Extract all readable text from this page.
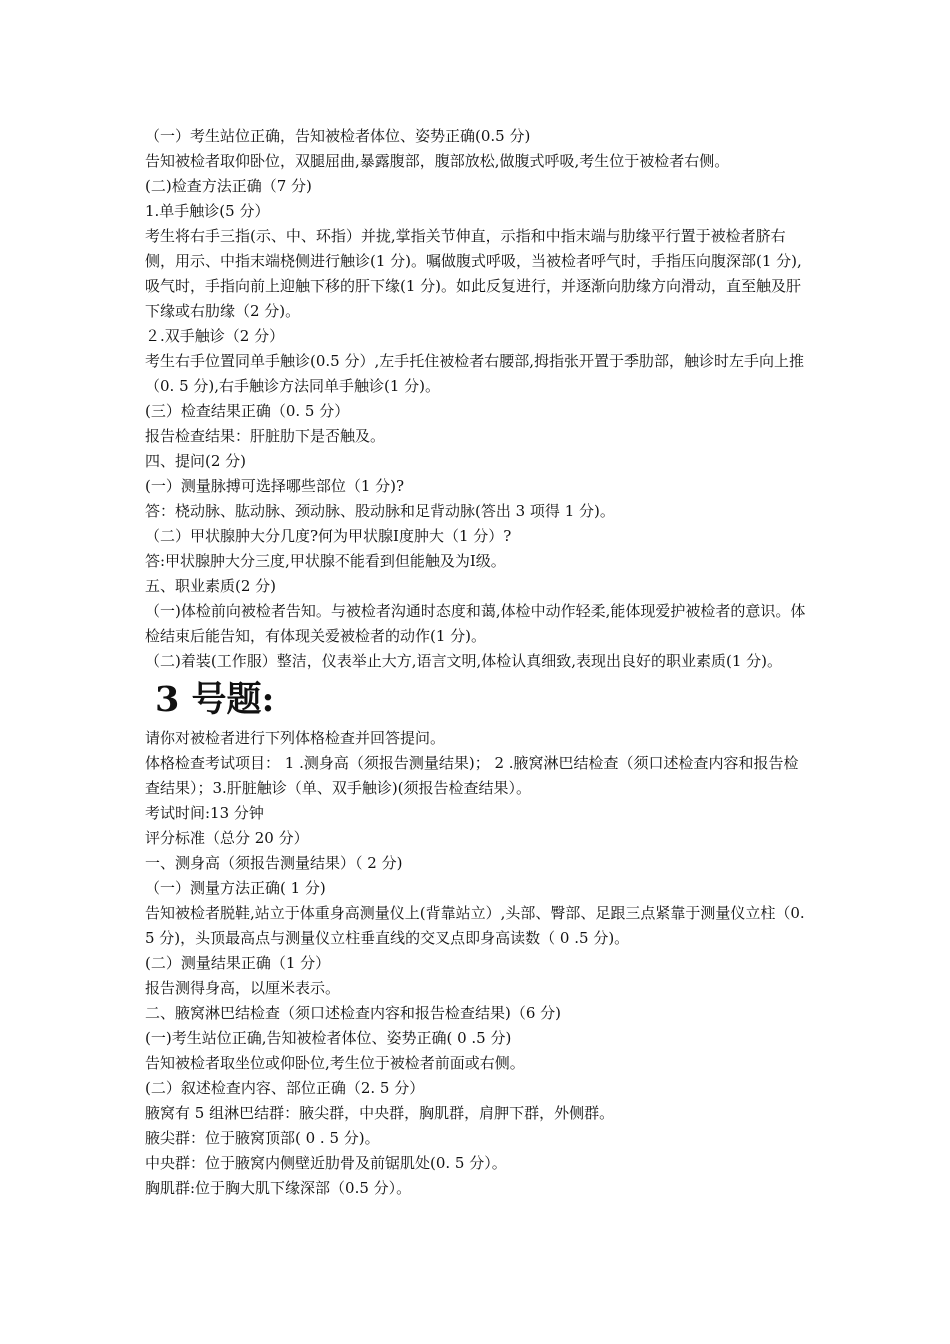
（一）考生站位正确，告知被检者体位、姿势正确(0.5 分)

告知被检者取仰卧位，双腿屈曲,暴露腹部，腹部放松,做腹式呼吸,考生位于被检者右侧。

(二)检查方法正确（7 分)

1.单手触诊(5 分）

考生将右手三指(示、中、环指）并拢,掌指关节伸直，示指和中指末端与肋缘平行置于被检者脐右侧，用示、中指末端桡侧进行触诊(1 分)。嘱做腹式呼吸，当被检者呼气时，手指压向腹深部(1 分),吸气时，手指向前上迎触下移的肝下缘(1 分)。如此反复进行，并逐渐向肋缘方向滑动，直至触及肝下缘或右肋缘（2 分)。

２.双手触诊（2 分）

考生右手位置同单手触诊(0.5 分）,左手托住被检者右腰部,拇指张开置于季肋部，触诊时左手向上推（0. 5 分),右手触诊方法同单手触诊(1 分)。

(三）检查结果正确（0. 5 分）

报告检查结果：肝脏肋下是否触及。

四、提问(2 分)

(一）测量脉搏可选择哪些部位（1 分)?

答：桡动脉、肱动脉、颈动脉、股动脉和足背动脉(答出 3 项得 1 分)。

（二）甲状腺肿大分几度?何为甲状腺Ⅰ度肿大（1 分）?

答:甲状腺肿大分三度,甲状腺不能看到但能触及为Ⅰ级。

五、职业素质(2 分)

（一)体检前向被检者告知。与被检者沟通时态度和蔼,体检中动作轻柔,能体现爱护被检者的意识。体检结束后能告知，有体现关爱被检者的动作(1 分)。

（二)着装(工作服）整洁，仪表举止大方,语言文明,体检认真细致,表现出良好的职业素质(1 分)。

3 号题:

请你对被检者进行下列体格检查并回答提问。

体格检查考试项目： 1 .测身高（须报告测量结果)； 2 .腋窝淋巴结检查（须口述检查内容和报告检查结果）；3.肝脏触诊（单、双手触诊)(须报告检查结果）。

考试时间:13 分钟

评分标准（总分 20 分）

一、测身高（须报告测量结果）（ 2 分)

（一）测量方法正确( 1 分)

告知被检者脱鞋,站立于体重身高测量仪上(背靠站立）,头部、臀部、足跟三点紧靠于测量仪立柱（0. 5 分)，头顶最高点与测量仪立柱垂直线的交叉点即身高读数（ 0 .5 分)。

(二）测量结果正确（1 分）

报告测得身高，以厘米表示。

二、腋窝淋巴结检查（须口述检查内容和报告检查结果)（6 分)

(一)考生站位正确,告知被检者体位、姿势正确( 0 .5 分)

告知被检者取坐位或仰卧位,考生位于被检者前面或右侧。

(二）叙述检查内容、部位正确（2. 5 分）

腋窝有 5 组淋巴结群：腋尖群，中央群，胸肌群，肩胛下群，外侧群。

腋尖群：位于腋窝顶部( 0 . 5 分)。

中央群：位于腋窝内侧壁近肋骨及前锯肌处(0. 5 分）。

胸肌群:位于胸大肌下缘深部（0.5 分）。
